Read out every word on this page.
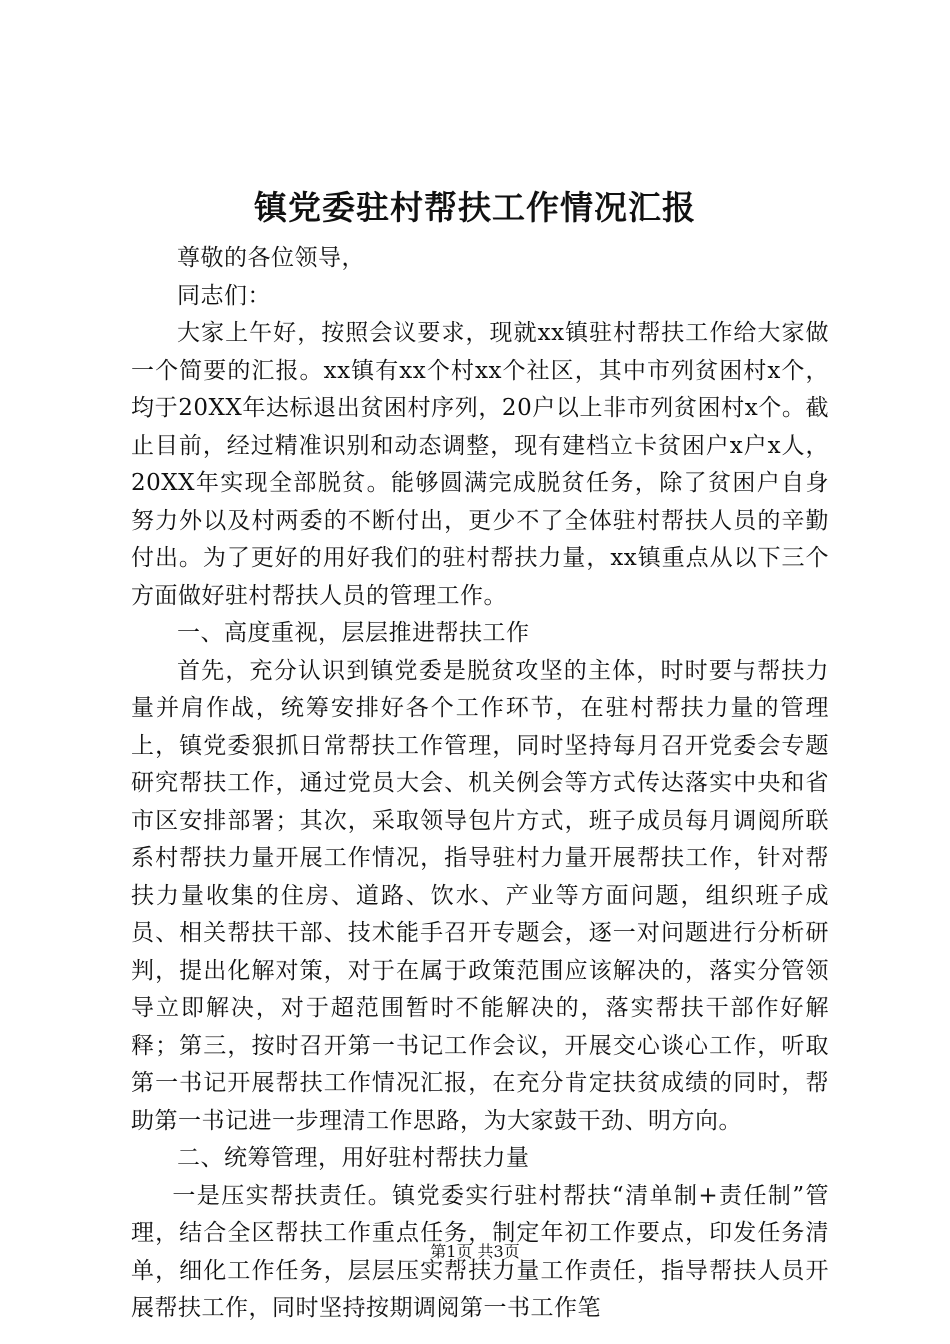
镇党委驻村帮扶工作情况汇报

尊敬的各位领导，

同志们：

大家上午好，按照会议要求，现就xx镇驻村帮扶工作给大家做一个简要的汇报。xx镇有xx个村xx个社区，其中市列贫困村x个，均于20XX年达标退出贫困村序列，20户以上非市列贫困村x个。截止目前，经过精准识别和动态调整，现有建档立卡贫困户x户x人，20XX年实现全部脱贫。能够圆满完成脱贫任务，除了贫困户自身努力外以及村两委的不断付出，更少不了全体驻村帮扶人员的辛勤付出。为了更好的用好我们的驻村帮扶力量，xx镇重点从以下三个方面做好驻村帮扶人员的管理工作。

一、高度重视，层层推进帮扶工作

首先，充分认识到镇党委是脱贫攻坚的主体，时时要与帮扶力量并肩作战，统筹安排好各个工作环节，在驻村帮扶力量的管理上，镇党委狠抓日常帮扶工作管理，同时坚持每月召开党委会专题研究帮扶工作，通过党员大会、机关例会等方式传达落实中央和省市区安排部署；其次，采取领导包片方式，班子成员每月调阅所联系村帮扶力量开展工作情况，指导驻村力量开展帮扶工作，针对帮扶力量收集的住房、道路、饮水、产业等方面问题，组织班子成员、相关帮扶干部、技术能手召开专题会，逐一对问题进行分析研判，提出化解对策，对于在属于政策范围应该解决的，落实分管领导立即解决，对于超范围暂时不能解决的，落实帮扶干部作好解释；第三，按时召开第一书记工作会议，开展交心谈心工作，听取第一书记开展帮扶工作情况汇报，在充分肯定扶贫成绩的同时，帮助第一书记进一步理清工作思路，为大家鼓干劲、明方向。

二、统筹管理，用好驻村帮扶力量

一是压实帮扶责任。镇党委实行驻村帮扶“清单制+责任制”管理，结合全区帮扶工作重点任务，制定年初工作要点，印发任务清单，细化工作任务，层层压实帮扶力量工作责任，指导帮扶人员开展帮扶工作，同时坚持按期调阅第一书工作笔

第1页 共3页
